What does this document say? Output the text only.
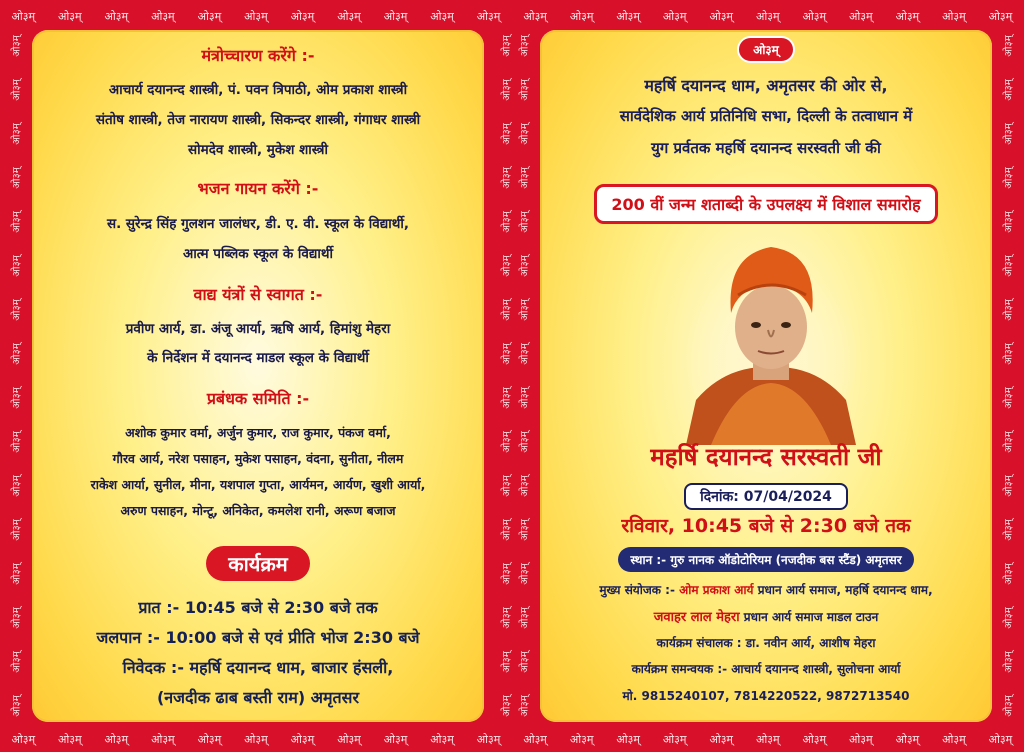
ओ३म् ओ३म् ओ३म् ओ३म् ओ३म् ओ३म् ओ३म् ओ३म् ओ३म् ओ३म् ओ३म् ओ३म् ओ३म् ओ३म् ओ३म् ओ३म् ओ३म् ओ३म् ओ३म् ओ३म् ओ३म् ओ३म्
ओ३म् ओ३म् ओ३म् ओ३म् ओ३म् ओ३म् ओ३म् ओ३म् ओ३म् ओ३म् ओ३म् ओ३म् ओ३म् ओ३म् ओ३म् ओ३म् ओ३म् ओ३म् ओ३म् ओ३म् ओ३म् ओ३म्
ओ३म्
ओ३म्
ओ३म्
ओ३म्
ओ३म्
ओ३म्
ओ३म्
ओ३म्
ओ३म्
ओ३म्
ओ३म्
ओ३म्
ओ३म्
ओ३म्
ओ३म्
ओ३म्
ओ३म्
ओ३म्
ओ३म्
ओ३म्
ओ३म्
ओ३म्
ओ३म्
ओ३म्
ओ३म्
ओ३म्
ओ३म्
ओ३म्
ओ३म्
ओ३म्
ओ३म्
ओ३म्
ओ३म्
ओ३म्
ओ३म्
ओ३म्
ओ३म्
ओ३म्
ओ३म्
ओ३म्
ओ३म्
ओ३म्
ओ३म्
ओ३म्
ओ३म्
ओ३म्
ओ३म्
ओ३म्
ओ३म्
ओ३म्
ओ३म्
ओ३म्
ओ३म्
ओ३म्
ओ३म्
ओ३म्
ओ३म्
ओ३म्
ओ३म्
ओ३म्
ओ३म्
ओ३म्
ओ३म्
ओ३म्
मंत्रोच्चारण करेंगे :-
आचार्य दयानन्द शास्त्री, पं. पवन त्रिपाठी, ओम प्रकाश शास्त्री
संतोष शास्त्री, तेज नारायण शास्त्री, सिकन्दर शास्त्री, गंगाधर शास्त्री
सोमदेव शास्त्री, मुकेश शास्त्री
भजन गायन करेंगे :-
स. सुरेन्द्र सिंह गुलशन जालंधर, डी. ए. वी. स्कूल के विद्यार्थी,
आत्म पब्लिक स्कूल के विद्यार्थी
वाद्य यंत्रों से स्वागत :-
प्रवीण आर्य, डा. अंजू आर्या, ऋषि आर्य, हिमांशु मेहरा
के निर्देशन में दयानन्द माडल स्कूल के विद्यार्थी
प्रबंधक समिति :-
अशोक कुमार वर्मा, अर्जुन कुमार, राज कुमार, पंकज वर्मा,
गौरव आर्य, नरेश पसाहन, मुकेश पसाहन, वंदना, सुनीता, नीलम
राकेश आर्या, सुनील, मीना, यशपाल गुप्ता, आर्यमन, आर्यण, खुशी आर्या,
अरुण पसाहन, मोन्टू, अनिकेत, कमलेश रानी, अरूण बजाज
कार्यक्रम
प्रात :- 10:45 बजे से 2:30 बजे तक
जलपान :- 10:00 बजे से एवं प्रीति भोज 2:30 बजे
निवेदक :- महर्षि दयानन्द धाम, बाजार हंसली,
(नजदीक ढाब बस्ती राम) अमृतसर
ओ३म्
महर्षि दयानन्द धाम, अमृतसर की ओर से,
सार्वदेशिक आर्य प्रतिनिधि सभा, दिल्ली के तत्वाधान में
युग प्रर्वतक महर्षि दयानन्द सरस्वती जी की
200 वीं जन्म शताब्दी के उपलक्ष्य में विशाल समारोह
महर्षि दयानन्द सरस्वती जी
दिनांक: 07/04/2024
रविवार, 10:45 बजे से 2:30 बजे तक
स्थान :- गुरु नानक ऑडोटोरियम (नजदीक बस स्टैंड) अमृतसर
मुख्य संयोजक :- ओम प्रकाश आर्य प्रधान आर्य समाज, महर्षि दयानन्द धाम,
जवाहर लाल मेहरा प्रधान आर्य समाज माडल टाउन
कार्यक्रम संचालक : डा. नवीन आर्य, आशीष मेहरा
कार्यक्रम समन्वयक :- आचार्य दयानन्द शास्त्री, सुलोचना आर्या
मो. 9815240107, 7814220522, 9872713540
